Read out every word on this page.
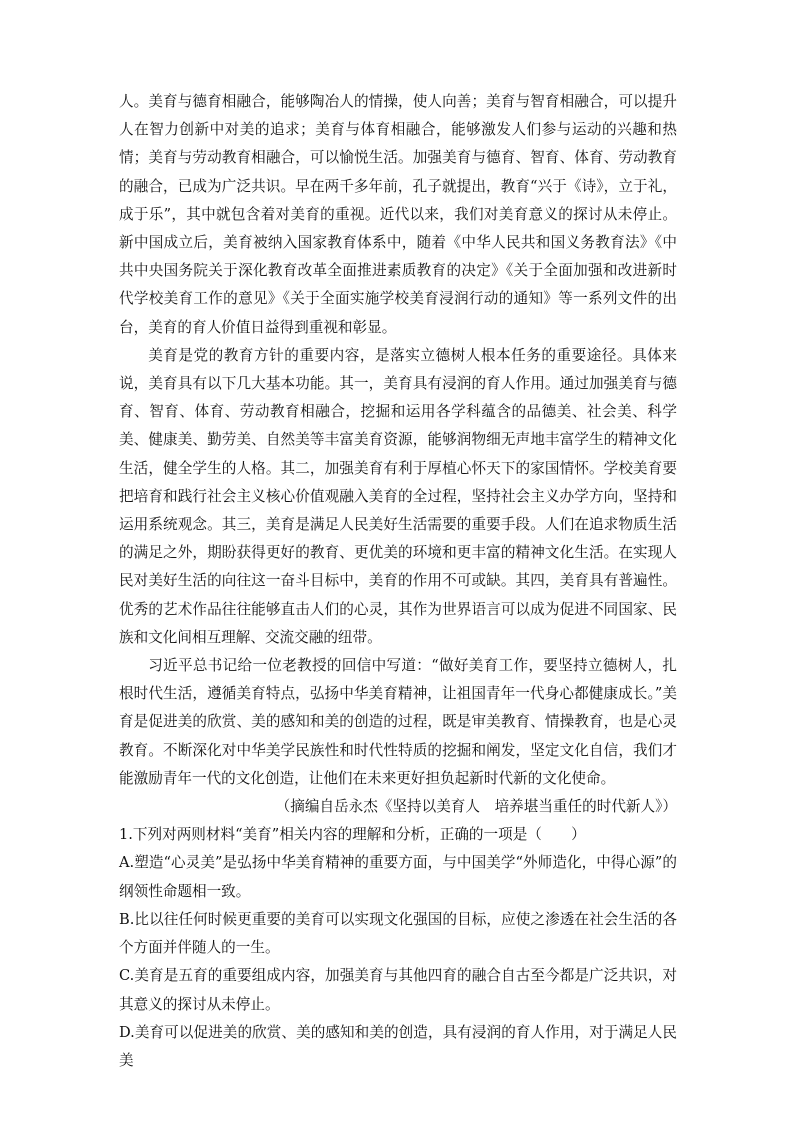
人。美育与德育相融合，能够陶冶人的情操，使人向善；美育与智育相融合，可以提升人在智力创新中对美的追求；美育与体育相融合，能够激发人们参与运动的兴趣和热情；美育与劳动教育相融合，可以愉悦生活。加强美育与德育、智育、体育、劳动教育的融合，已成为广泛共识。早在两千多年前，孔子就提出，教育“兴于《诗》，立于礼，成于乐”，其中就包含着对美育的重视。近代以来，我们对美育意义的探讨从未停止。新中国成立后，美育被纳入国家教育体系中，随着《中华人民共和国义务教育法》《中共中央国务院关于深化教育改革全面推进素质教育的决定》《关于全面加强和改进新时代学校美育工作的意见》《关于全面实施学校美育浸润行动的通知》等一系列文件的出台，美育的育人价值日益得到重视和彰显。

美育是党的教育方针的重要内容，是落实立德树人根本任务的重要途径。具体来说，美育具有以下几大基本功能。其一，美育具有浸润的育人作用。通过加强美育与德育、智育、体育、劳动教育相融合，挖掘和运用各学科蕴含的品德美、社会美、科学美、健康美、勤劳美、自然美等丰富美育资源，能够润物细无声地丰富学生的精神文化生活，健全学生的人格。其二，加强美育有利于厚植心怀天下的家国情怀。学校美育要把培育和践行社会主义核心价值观融入美育的全过程，坚持社会主义办学方向，坚持和运用系统观念。其三，美育是满足人民美好生活需要的重要手段。人们在追求物质生活的满足之外，期盼获得更好的教育、更优美的环境和更丰富的精神文化生活。在实现人民对美好生活的向往这一奋斗目标中，美育的作用不可或缺。其四，美育具有普遍性。优秀的艺术作品往往能够直击人们的心灵，其作为世界语言可以成为促进不同国家、民族和文化间相互理解、交流交融的纽带。

习近平总书记给一位老教授的回信中写道：“做好美育工作，要坚持立德树人，扎根时代生活，遵循美育特点，弘扬中华美育精神，让祖国青年一代身心都健康成长。”美育是促进美的欣赏、美的感知和美的创造的过程，既是审美教育、情操教育，也是心灵教育。不断深化对中华美学民族性和时代性特质的挖掘和阐发，坚定文化自信，我们才能激励青年一代的文化创造，让他们在未来更好担负起新时代新的文化使命。

（摘编自岳永杰《坚持以美育人　培养堪当重任的时代新人》）

1.下列对两则材料“美育”相关内容的理解和分析，正确的一项是（　　）

A.塑造“心灵美”是弘扬中华美育精神的重要方面，与中国美学“外师造化，中得心源”的纲领性命题相一致。

B.比以往任何时候更重要的美育可以实现文化强国的目标，应使之渗透在社会生活的各个方面并伴随人的一生。

C.美育是五育的重要组成内容，加强美育与其他四育的融合自古至今都是广泛共识，对其意义的探讨从未停止。

D.美育可以促进美的欣赏、美的感知和美的创造，具有浸润的育人作用，对于满足人民美
